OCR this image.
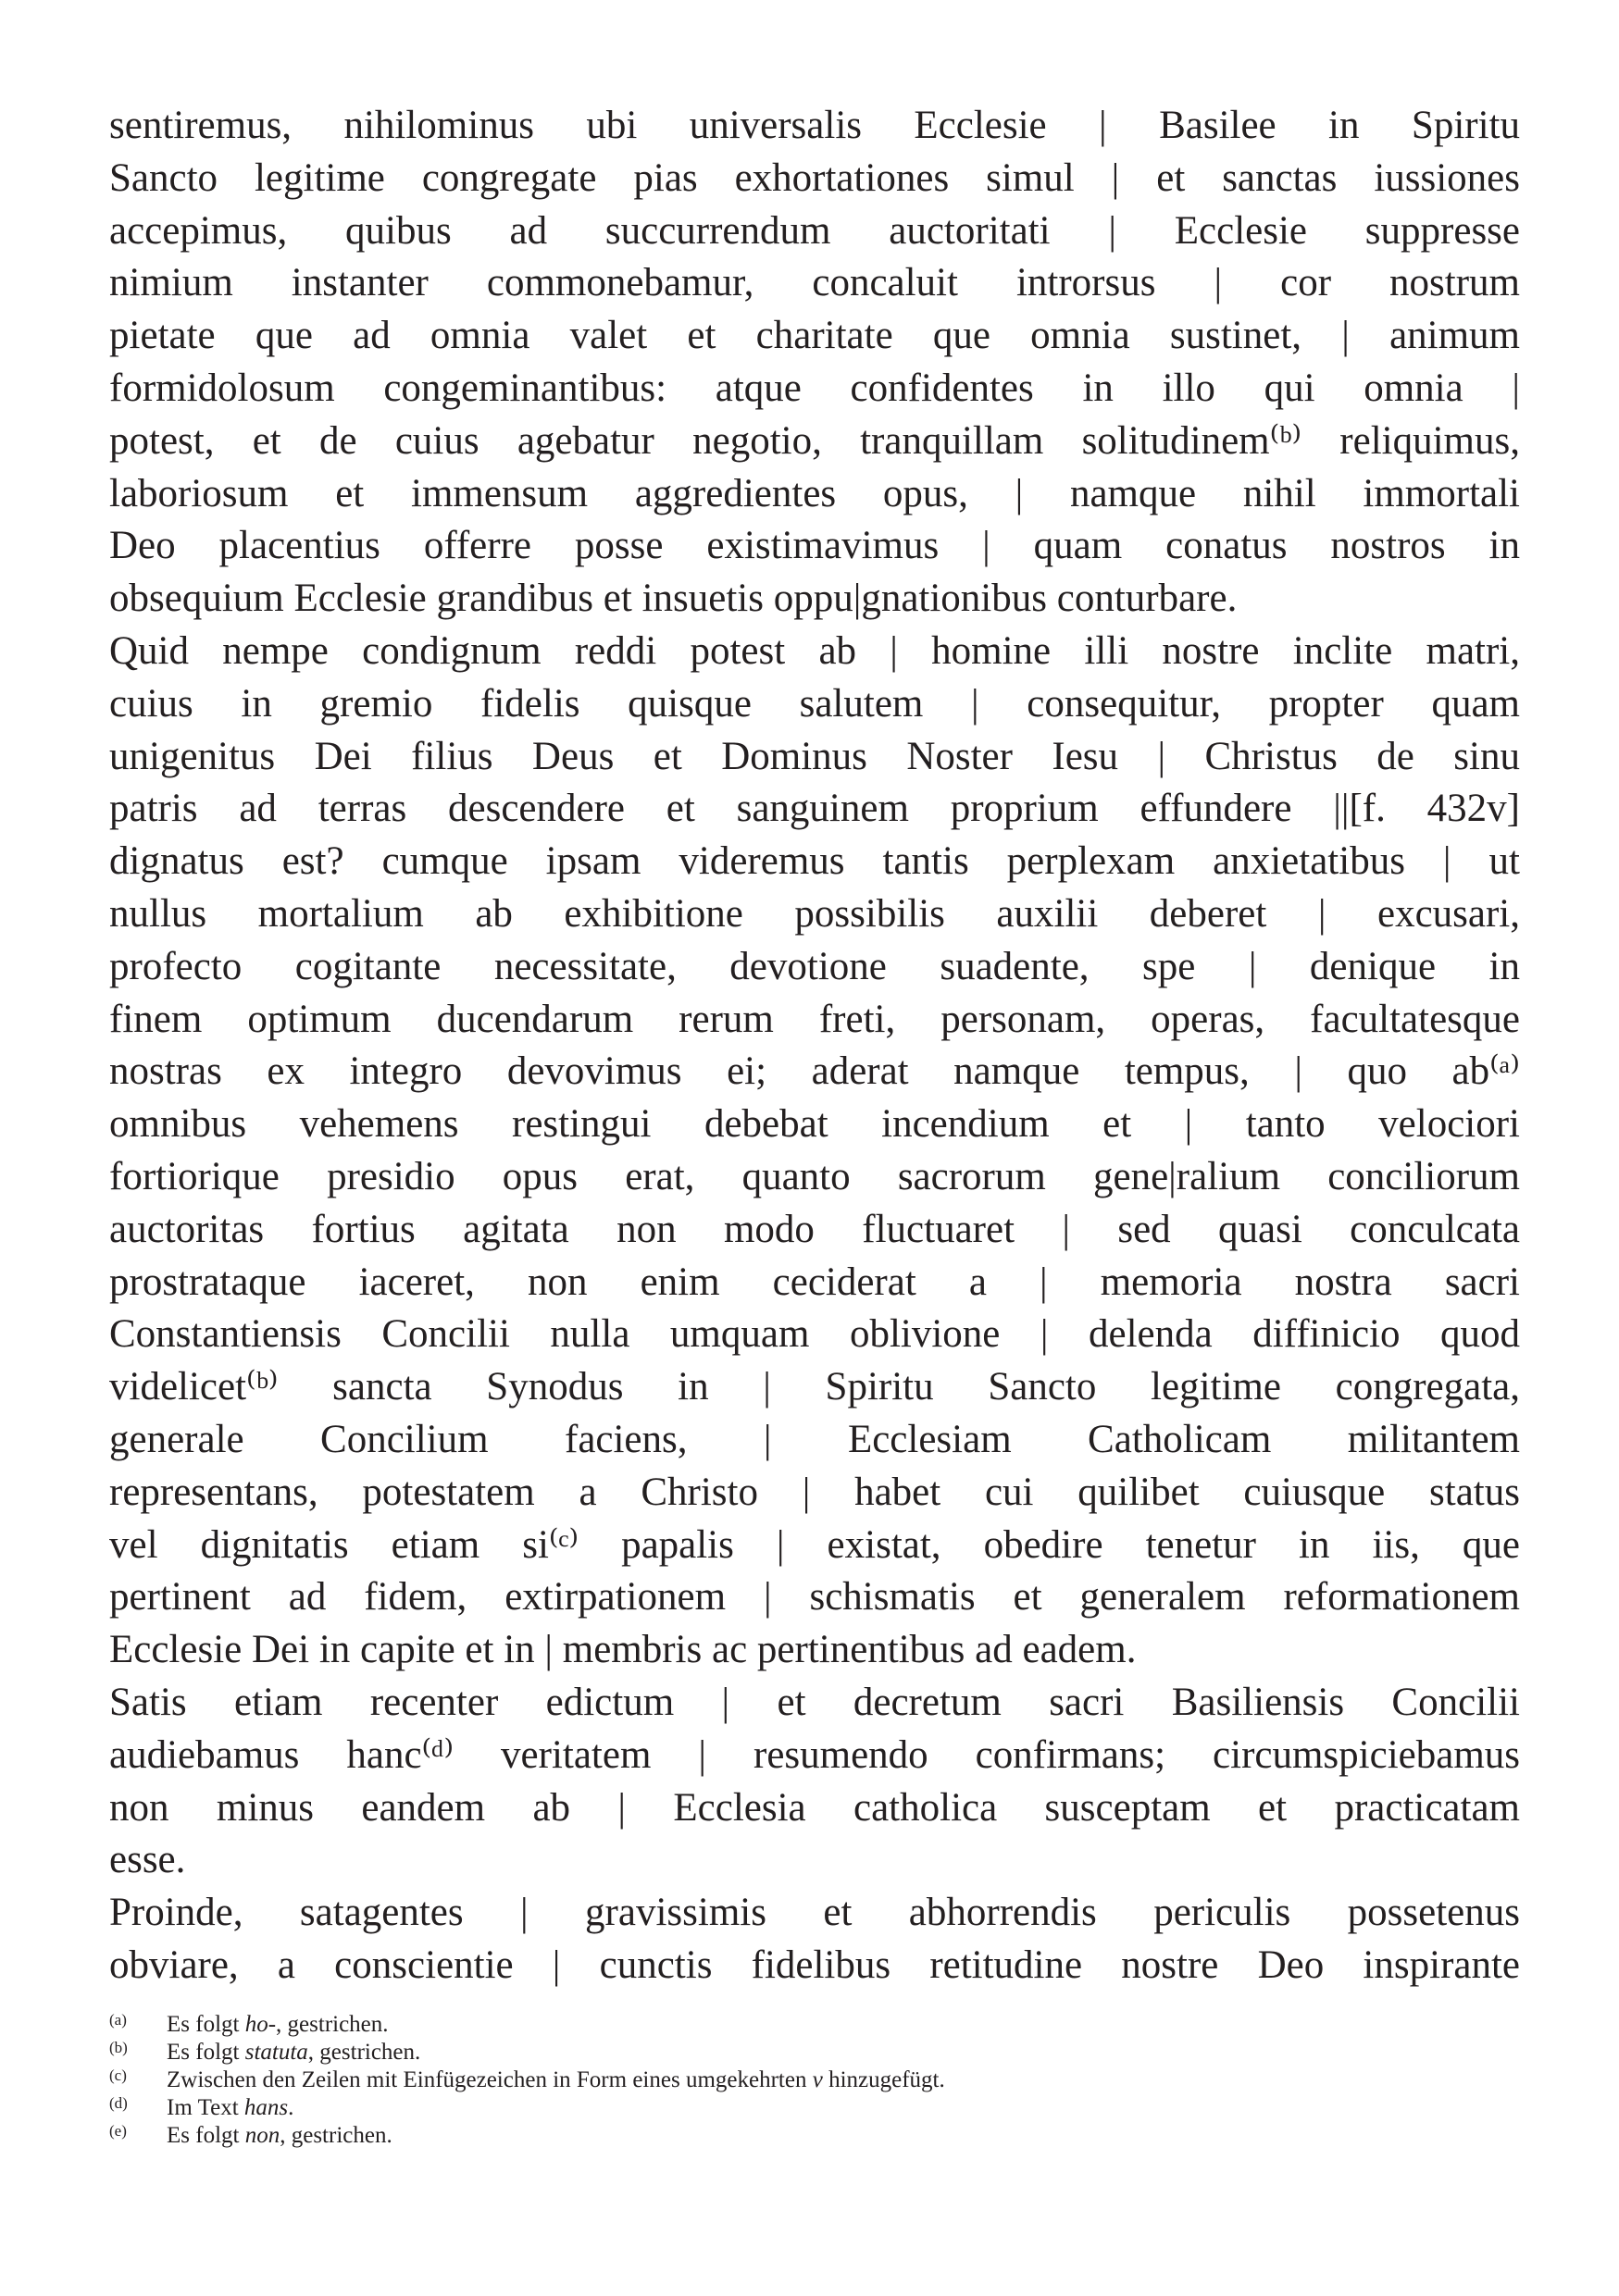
sentiremus, nihilominus ubi universalis Ecclesie | Basilee in Spiritu
Sancto legitime congregate pias exhortationes simul | et sanctas iussiones
accepimus, quibus ad succurrendum auctoritati | Ecclesie suppresse
nimium instanter commonebamur, concaluit introrsus | cor nostrum
pietate que ad omnia valet et charitate que omnia sustinet, | animum
formidolosum congeminantibus: atque confidentes in illo qui omnia |
potest, et de cuius agebatur negotio, tranquillam solitudinem⁽ᵇ⁾ reliquimus,
laboriosum et immensum aggredientes opus, | namque nihil immortali
Deo placentius offerre posse existimavimus | quam conatus nostros in
obsequium Ecclesie grandibus et insuetis oppu|gnationibus conturbare.
Quid nempe condignum reddi potest ab | homine illi nostre inclite matri,
cuius in gremio fidelis quisque salutem | consequitur, propter quam
unigenitus Dei filius Deus et Dominus Noster Iesu | Christus de sinu
patris ad terras descendere et sanguinem proprium effundere ||[f. 432v]
dignatus est? cumque ipsam videremus tantis perplexam anxietatibus | ut
nullus mortalium ab exhibitione possibilis auxilii deberet | excusari,
profecto cogitante necessitate, devotione suadente, spe | denique in
finem optimum ducendarum rerum freti, personam, operas, facultatesque
nostras ex integro devovimus ei; aderat namque tempus, | quo ab⁽ᵃ⁾
omnibus vehemens restingui debebat incendium et | tanto velociori
fortiorique presidio opus erat, quanto sacrorum gene|ralium conciliorum
auctoritas fortius agitata non modo fluctuaret | sed quasi conculcata
prostrataque iaceret, non enim ceciderat a | memoria nostra sacri
Constantiensis Concilii nulla umquam oblivione | delenda diffinicio quod
videlicet⁽ᵇ⁾ sancta Synodus in | Spiritu Sancto legitime congregata,
generale Concilium faciens, | Ecclesiam Catholicam militantem
representans, potestatem a Christo | habet cui quilibet cuiusque status
vel dignitatis etiam si⁽ᶜ⁾ papalis | existat, obedire tenetur in iis, que
pertinent ad fidem, extirpationem | schismatis et generalem reformationem
Ecclesie Dei in capite et in | membris ac pertinentibus ad eadem.
Satis etiam recenter edictum | et decretum sacri Basiliensis Concilii
audiebamus hanc⁽ᵈ⁾ veritatem | resumendo confirmans; circumspiciebamus
non minus eandem ab | Ecclesia catholica susceptam et practicatam
esse.
Proinde, satagentes | gravissimis et abhorrendis periculis possetenus
obviare, a conscientie | cunctis fidelibus retitudine nostre Deo inspirante
(a) Es folgt ho-, gestrichen.
(b) Es folgt statuta, gestrichen.
(c) Zwischen den Zeilen mit Einfügezeichen in Form eines umgekehrten v hinzugefügt.
(d) Im Text hans.
(e) Es folgt non, gestrichen.
